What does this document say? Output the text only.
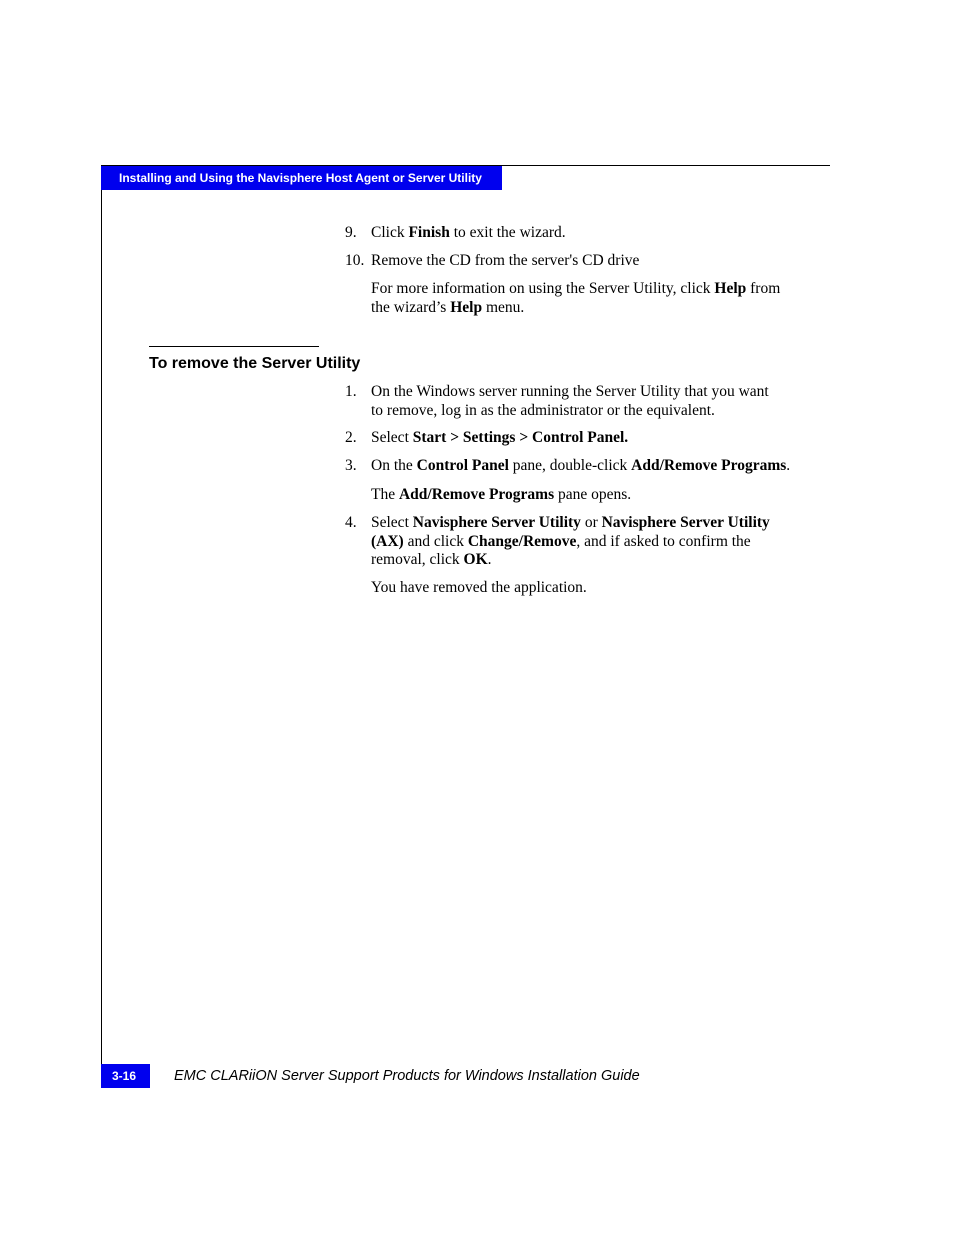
Installing and Using the Navisphere Host Agent or Server Utility
9. Click Finish to exit the wizard.
10. Remove the CD from the server's CD drive
For more information on using the Server Utility, click Help from
the wizard’s Help menu.
1. On the Windows server running the Server Utility that you want
to remove, log in as the administrator or the equivalent.
2. Select Start > Settings > Control Panel.
3. On the Control Panel pane, double-click Add/Remove Programs.
The Add/Remove Programs pane opens.
4. Select Navisphere Server Utility or Navisphere Server Utility
(AX) and click Change/Remove, and if asked to confirm the
removal, click OK.
You have removed the application.
To remove the Server Utility
3-16	EMC CLARiiON Server Support Products for Windows Installation Guide
